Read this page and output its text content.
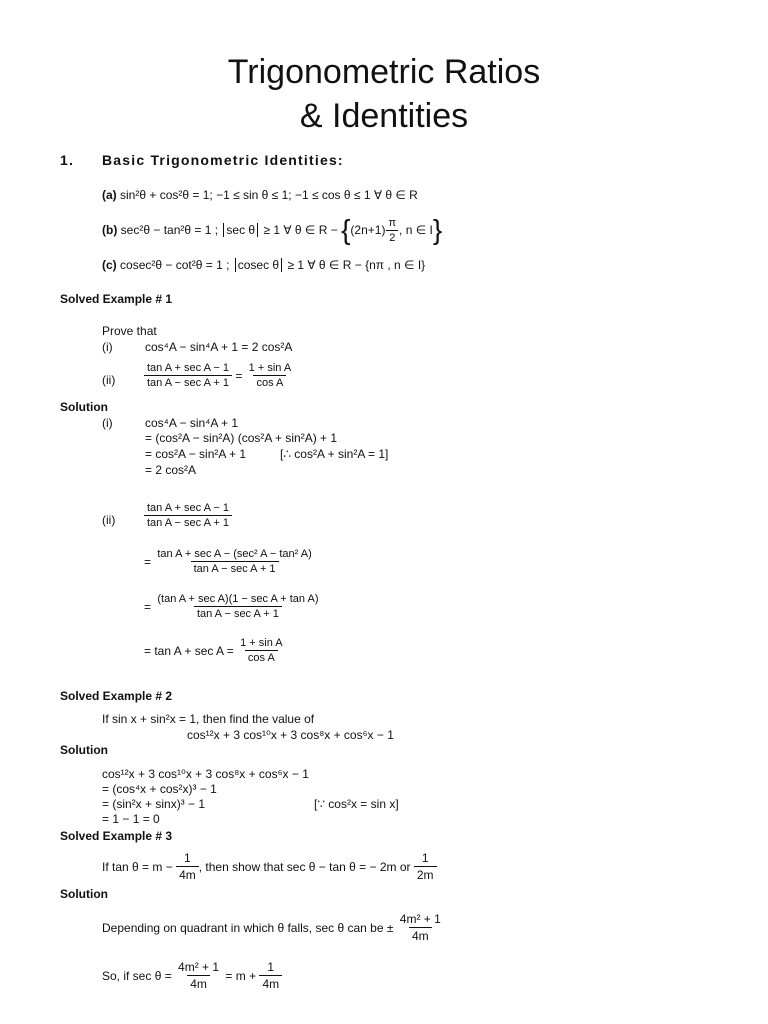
Trigonometric Ratios
& Identities
1. Basic Trigonometric Identities:
(a) sin²θ + cos²θ = 1; −1 ≤ sin θ ≤ 1; −1 ≤ cos θ ≤ 1 ∀ θ ∈ R
(b)
sec²θ − tan²θ = 1 ;
sec θ
≥ 1 ∀ θ ∈ R −
{ $(2n+1) \frac{\pi}{2}$ , n ∈ I }
(c)
cosec²θ − cot²θ = 1 ;
cosec θ
≥ 1 ∀ θ ∈ R −
{nπ , n ∈ I}
Solved Example # 1
Prove that
(i)	cos⁴A − sin⁴A + 1 = 2 cos²A
(ii)	$\frac{\text{tan A + sec A − 1}}{\text{tan A − sec A + 1}}$
=
$\frac{\text{1 + sin A}}{\text{cos A}}$
Solution
(i)	cos⁴A − sin⁴A + 1
= (cos²A − sin²A) (cos²A + sin²A) + 1
= cos²A − sin²A + 1	[∴ cos²A + sin²A = 1]
= 2 cos²A
(ii)	$\frac{\text{tan A + sec A − 1}}{\text{tan A − sec A + 1}}$
=
$\frac{\text{tan A + sec A − (sec² A − tan² A)}}{\text{tan A − sec A + 1}}$
=
$\frac{\text{(tan A + sec A)(1 − sec A + tan A)}}{\text{tan A − sec A + 1}}$
= tan A + sec A =
$\frac{\text{1 + sin A}}{\text{cos A}}$
Solved Example # 2
If sin x + sin²x = 1, then find the value of
cos¹²x + 3 cos¹⁰x + 3 cos⁸x + cos⁶x − 1
Solution
cos¹²x + 3 cos¹⁰x + 3 cos⁸x + cos⁶x − 1
= (cos⁴x + cos²x)³ − 1
= (sin²x + sinx)³ − 1	[∵ cos²x = sin x]
= 1 − 1 = 0
Solved Example # 3
If tan θ = m −
$\frac{1}{4m}$ , then show that sec θ − tan θ = − 2m or
$\frac{1}{2m}$
Solution
Depending on quadrant in which θ falls, sec θ can be ±
$\frac{\text{4m² + 1}}{4m}$
So, if sec θ =
$\frac{\text{4m² + 1}}{4m}$
= m +
$\frac{1}{4m}$
